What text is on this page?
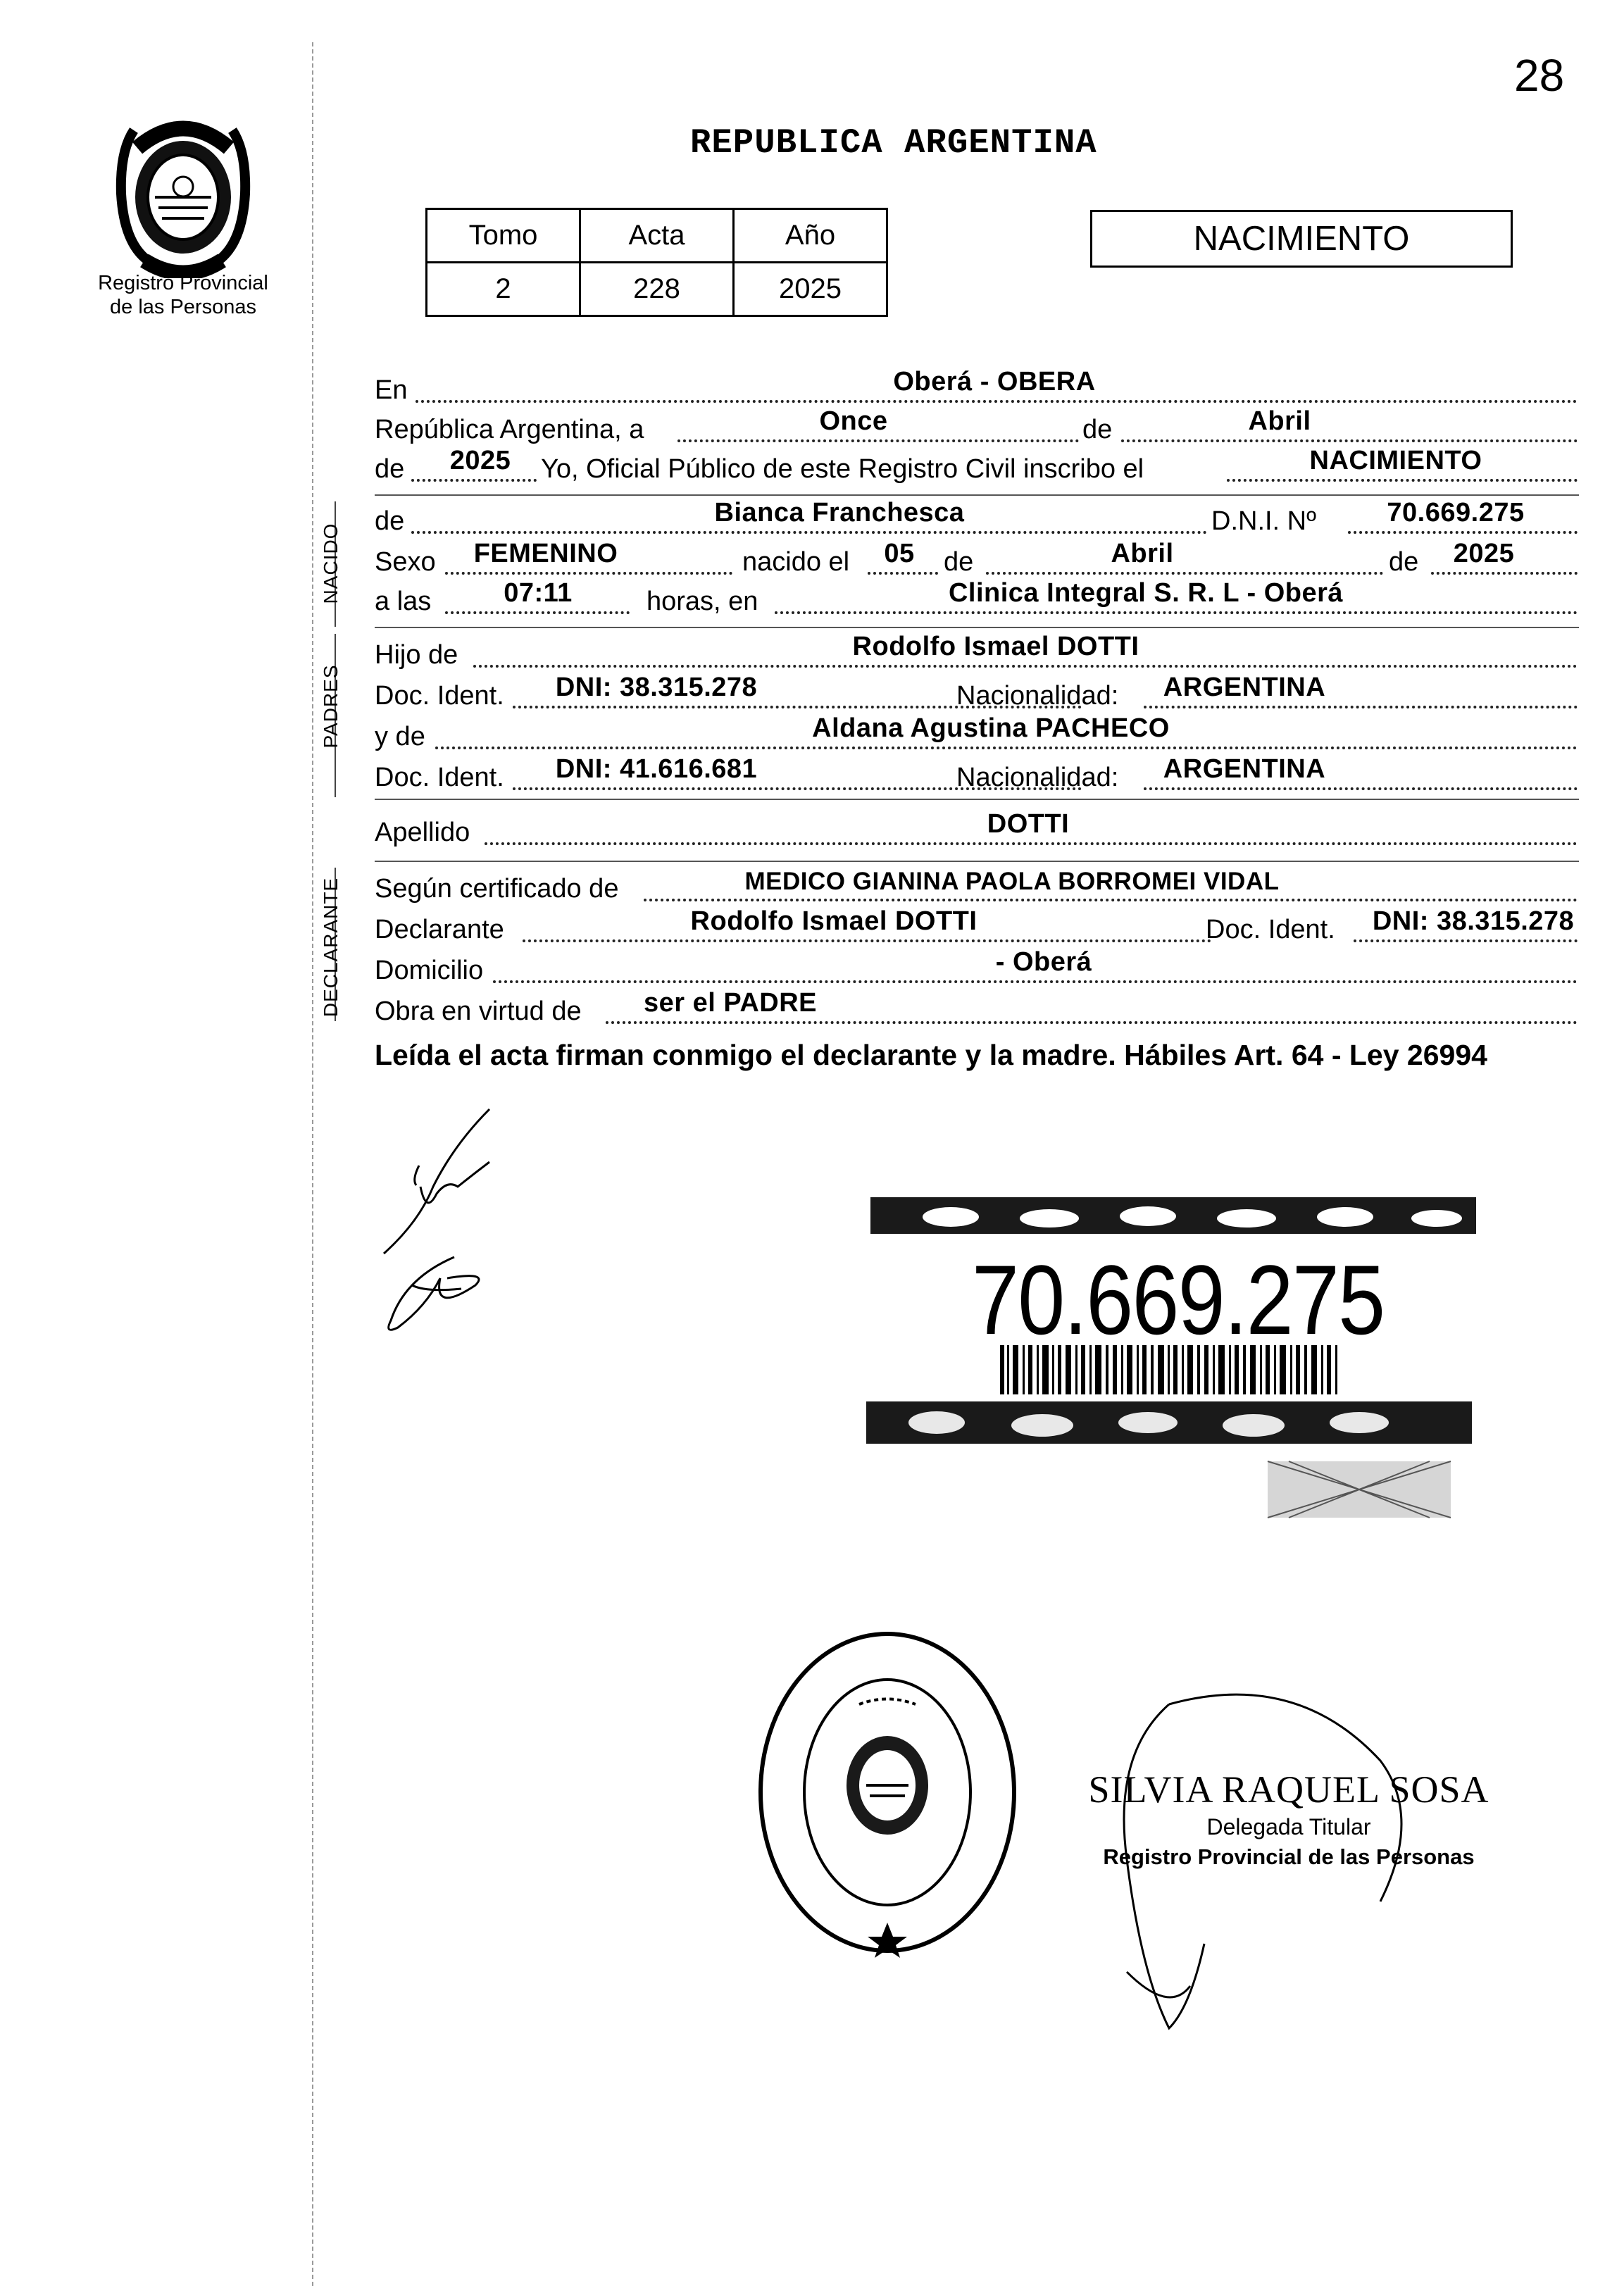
28
Registro Provincial
de las Personas
REPUBLICA ARGENTINA
Tomo	Acta	Año
2	228	2025
NACIMIENTO
En	Oberá - OBERA
República Argentina, a	Once	de	Abril
de 2025 Yo, Oficial Público de este Registro Civil inscribo el	NACIMIENTO
NACIDO
de	Bianca Franchesca	D.N.I. Nº	70.669.275
Sexo FEMENINO	nacido el 05 de	Abril	de 2025
a las	07:11	horas, en	Clinica Integral S. R. L - Oberá
PADRES
Hijo de	Rodolfo Ismael DOTTI
Doc. Ident. DNI: 38.315.278	Nacionalidad: ARGENTINA
y de	Aldana Agustina PACHECO
Doc. Ident. DNI: 41.616.681	Nacionalidad: ARGENTINA
Apellido	DOTTI
DECLARANTE Según certificado de	MEDICO GIANINA PAOLA BORROMEI VIDAL
Declarante	Rodolfo Ismael DOTTI	Doc. Ident. DNI: 38.315.278
Domicilio	- Oberá
Obra en virtud de ser el PADRE
Leída el acta firman conmigo el declarante y la madre. Hábiles Art. 64 - Ley 26994
70.669.275
SILVIA RAQUEL SOSA
Delegada Titular
Registro Provincial de las Personas
